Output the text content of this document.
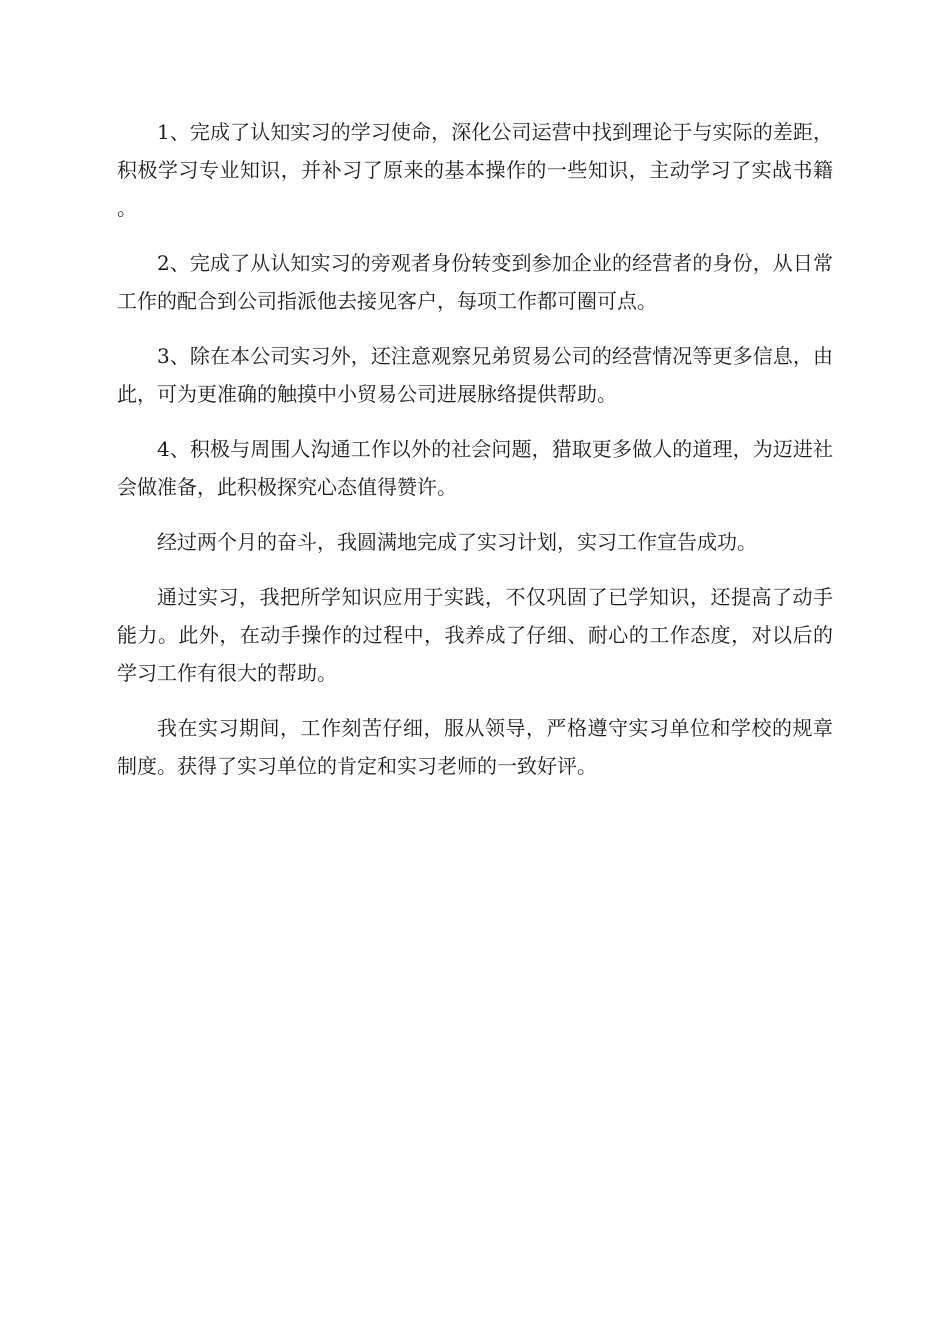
1、完成了认知实习的学习使命，深化公司运营中找到理论于与实际的差距，积极学习专业知识，并补习了原来的基本操作的一些知识，主动学习了实战书籍。

2、完成了从认知实习的旁观者身份转变到参加企业的经营者的身份，从日常工作的配合到公司指派他去接见客户，每项工作都可圈可点。

3、除在本公司实习外，还注意观察兄弟贸易公司的经营情况等更多信息，由此，可为更准确的触摸中小贸易公司进展脉络提供帮助。

4、积极与周围人沟通工作以外的社会问题，猎取更多做人的道理，为迈进社会做准备，此积极探究心态值得赞许。

经过两个月的奋斗，我圆满地完成了实习计划，实习工作宣告成功。

通过实习，我把所学知识应用于实践，不仅巩固了已学知识，还提高了动手能力。此外，在动手操作的过程中，我养成了仔细、耐心的工作态度，对以后的学习工作有很大的帮助。

我在实习期间，工作刻苦仔细，服从领导，严格遵守实习单位和学校的规章制度。获得了实习单位的肯定和实习老师的一致好评。
